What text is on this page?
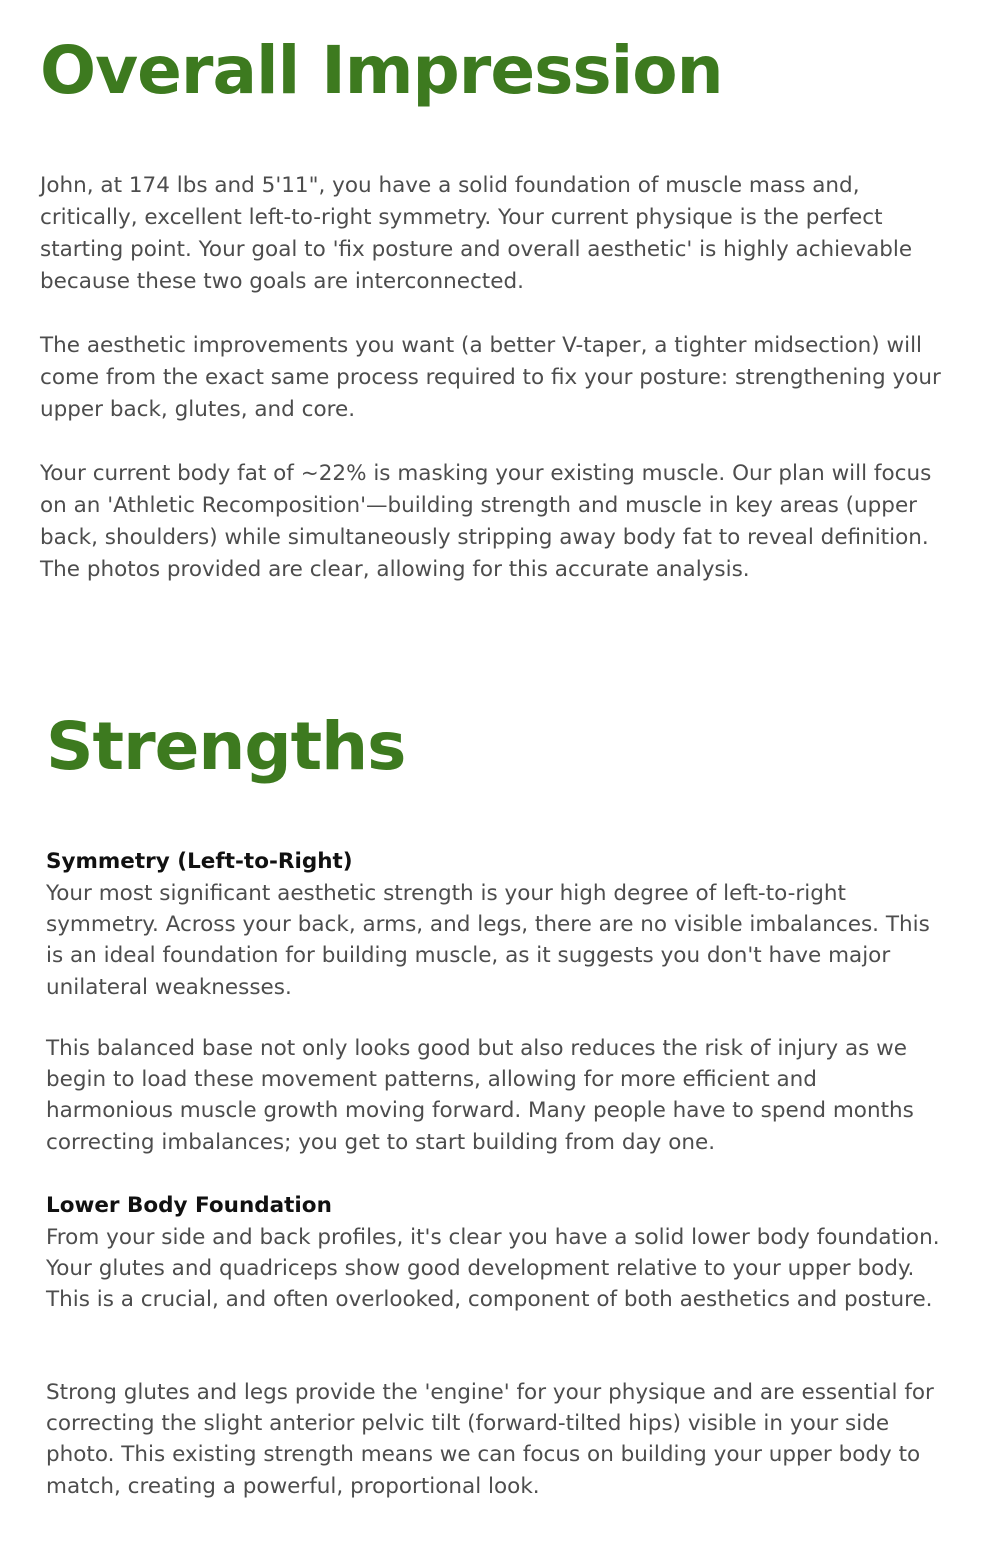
Overall Impression

John, at 174 lbs and 5'11", you have a solid foundation of muscle mass and, critically, excellent left-to-right symmetry. Your current physique is the perfect starting point. Your goal to 'fix posture and overall aesthetic' is highly achievable because these two goals are interconnected.

The aesthetic improvements you want (a better V-taper, a tighter midsection) will come from the exact same process required to fix your posture: strengthening your upper back, glutes, and core.

Your current body fat of ~22% is masking your existing muscle. Our plan will focus on an 'Athletic Recomposition'—building strength and muscle in key areas (upper back, shoulders) while simultaneously stripping away body fat to reveal definition. The photos provided are clear, allowing for this accurate analysis.

Strengths
Symmetry (Left-to-Right)

Your most significant aesthetic strength is your high degree of left-to-right symmetry. Across your back, arms, and legs, there are no visible imbalances. This is an ideal foundation for building muscle, as it suggests you don't have major unilateral weaknesses.

This balanced base not only looks good but also reduces the risk of injury as we begin to load these movement patterns, allowing for more efficient and harmonious muscle growth moving forward. Many people have to spend months correcting imbalances; you get to start building from day one.

Lower Body Foundation

From your side and back profiles, it's clear you have a solid lower body foundation. Your glutes and quadriceps show good development relative to your upper body. This is a crucial, and often overlooked, component of both aesthetics and posture.

Strong glutes and legs provide the 'engine' for your physique and are essential for correcting the slight anterior pelvic tilt (forward-tilted hips) visible in your side photo. This existing strength means we can focus on building your upper body to match, creating a powerful, proportional look.
